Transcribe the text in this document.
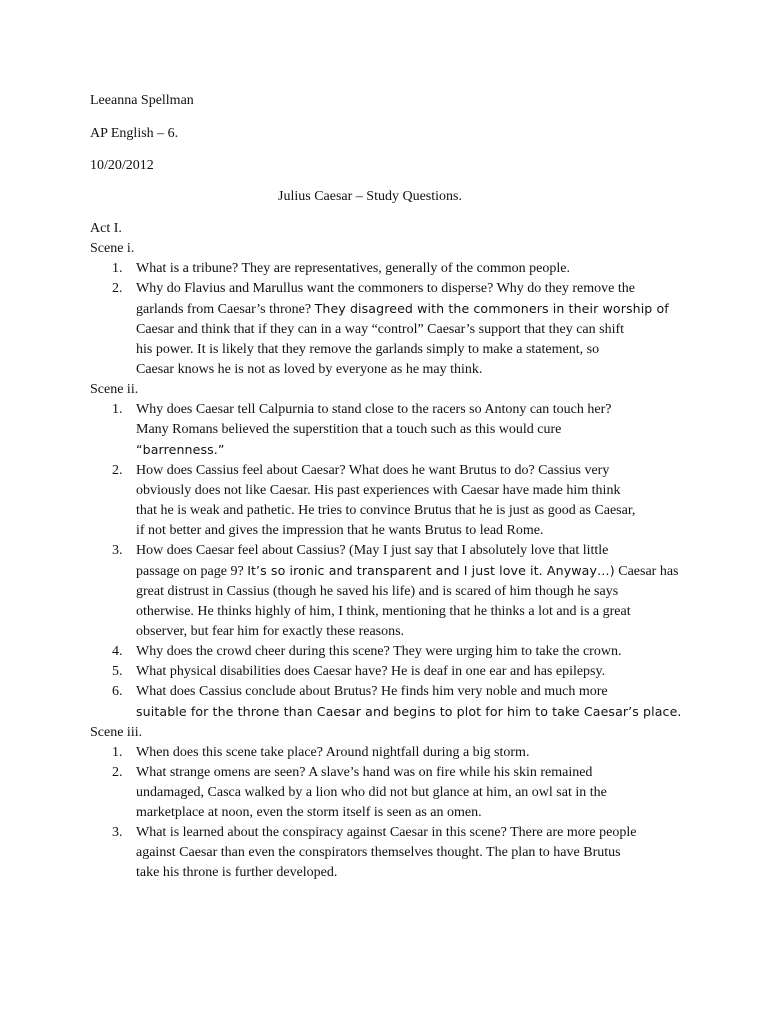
Leeanna Spellman
AP English – 6.
10/20/2012
Julius Caesar – Study Questions.
Act I.
Scene i.
1. What is a tribune? They are representatives, generally of the common people.
2. Why do Flavius and Marullus want the commoners to disperse? Why do they remove the
garlands from Caesar’s throne? They disagreed with the commoners in their worship of
Caesar and think that if they can in a way “control” Caesar’s support that they can shift
his power. It is likely that they remove the garlands simply to make a statement, so
Caesar knows he is not as loved by everyone as he may think.
Scene ii.
1. Why does Caesar tell Calpurnia to stand close to the racers so Antony can touch her?
Many Romans believed the superstition that a touch such as this would cure
“barrenness.”
2. How does Cassius feel about Caesar? What does he want Brutus to do? Cassius very
obviously does not like Caesar. His past experiences with Caesar have made him think
that he is weak and pathetic. He tries to convince Brutus that he is just as good as Caesar,
if not better and gives the impression that he wants Brutus to lead Rome.
3. How does Caesar feel about Cassius? (May I just say that I absolutely love that little
passage on page 9? It’s so ironic and transparent and I just love it. Anyway…) Caesar has
great distrust in Cassius (though he saved his life) and is scared of him though he says
otherwise. He thinks highly of him, I think, mentioning that he thinks a lot and is a great
observer, but fear him for exactly these reasons.
4. Why does the crowd cheer during this scene? They were urging him to take the crown.
5. What physical disabilities does Caesar have? He is deaf in one ear and has epilepsy.
6. What does Cassius conclude about Brutus? He finds him very noble and much more
suitable for the throne than Caesar and begins to plot for him to take Caesar’s place.
Scene iii.
1. When does this scene take place? Around nightfall during a big storm.
2. What strange omens are seen? A slave’s hand was on fire while his skin remained
undamaged, Casca walked by a lion who did not but glance at him, an owl sat in the
marketplace at noon, even the storm itself is seen as an omen.
3. What is learned about the conspiracy against Caesar in this scene? There are more people
against Caesar than even the conspirators themselves thought. The plan to have Brutus
take his throne is further developed.
